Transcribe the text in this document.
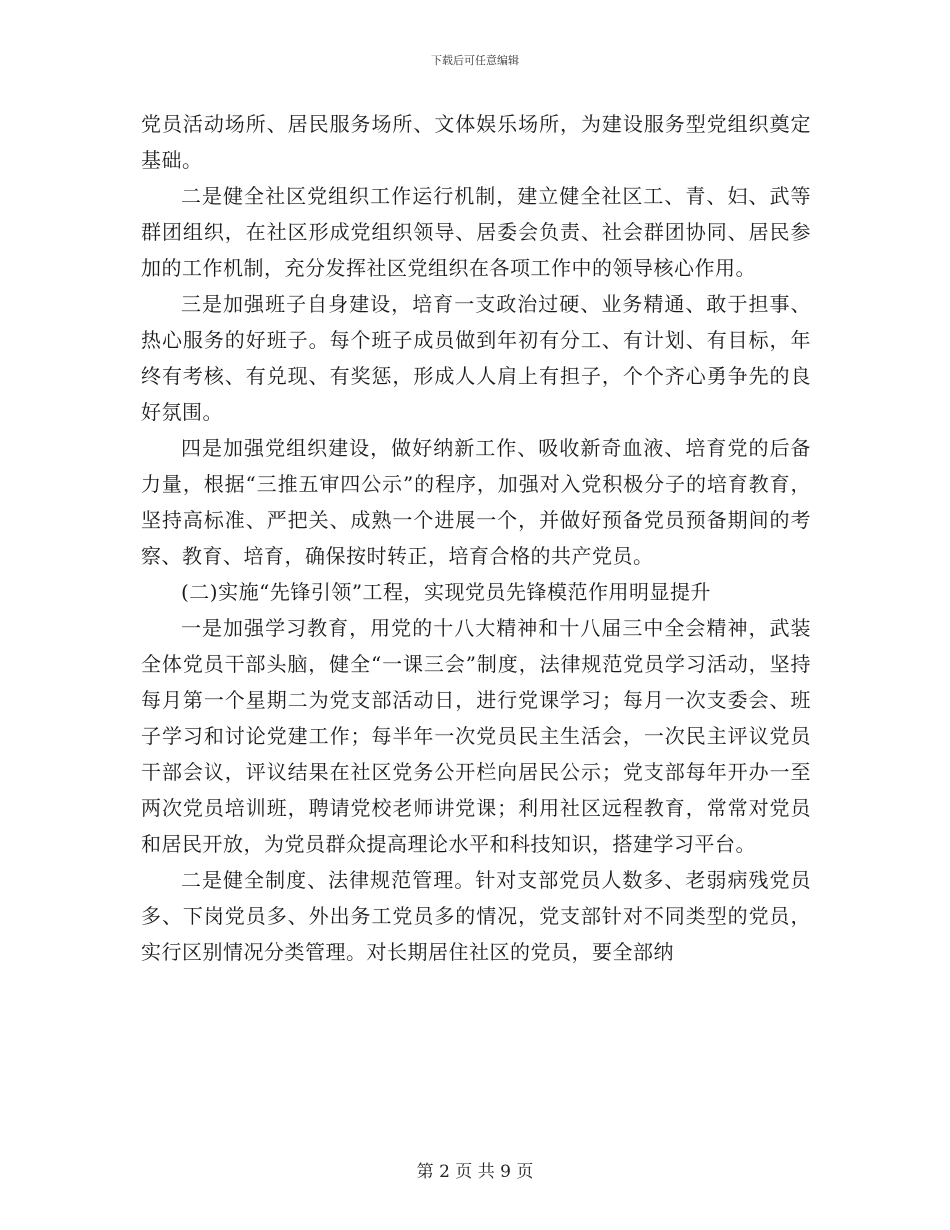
下载后可任意编辑

党员活动场所、居民服务场所、文体娱乐场所，为建设服务型党组织奠定基础。

二是健全社区党组织工作运行机制，建立健全社区工、青、妇、武等群团组织，在社区形成党组织领导、居委会负责、社会群团协同、居民参加的工作机制，充分发挥社区党组织在各项工作中的领导核心作用。

三是加强班子自身建设，培育一支政治过硬、业务精通、敢于担事、热心服务的好班子。每个班子成员做到年初有分工、有计划、有目标，年终有考核、有兑现、有奖惩，形成人人肩上有担子，个个齐心勇争先的良好氛围。

四是加强党组织建设，做好纳新工作、吸收新奇血液、培育党的后备力量，根据“三推五审四公示”的程序，加强对入党积极分子的培育教育，坚持高标准、严把关、成熟一个进展一个，并做好预备党员预备期间的考察、教育、培育，确保按时转正，培育合格的共产党员。

(二)实施“先锋引领”工程，实现党员先锋模范作用明显提升

一是加强学习教育，用党的十八大精神和十八届三中全会精神，武装全体党员干部头脑，健全“一课三会”制度，法律规范党员学习活动，坚持每月第一个星期二为党支部活动日，进行党课学习；每月一次支委会、班子学习和讨论党建工作；每半年一次党员民主生活会，一次民主评议党员干部会议，评议结果在社区党务公开栏向居民公示；党支部每年开办一至两次党员培训班，聘请党校老师讲党课；利用社区远程教育，常常对党员和居民开放，为党员群众提高理论水平和科技知识，搭建学习平台。

二是健全制度、法律规范管理。针对支部党员人数多、老弱病残党员多、下岗党员多、外出务工党员多的情况，党支部针对不同类型的党员，实行区别情况分类管理。对长期居住社区的党员，要全部纳

第 2 页 共 9 页
